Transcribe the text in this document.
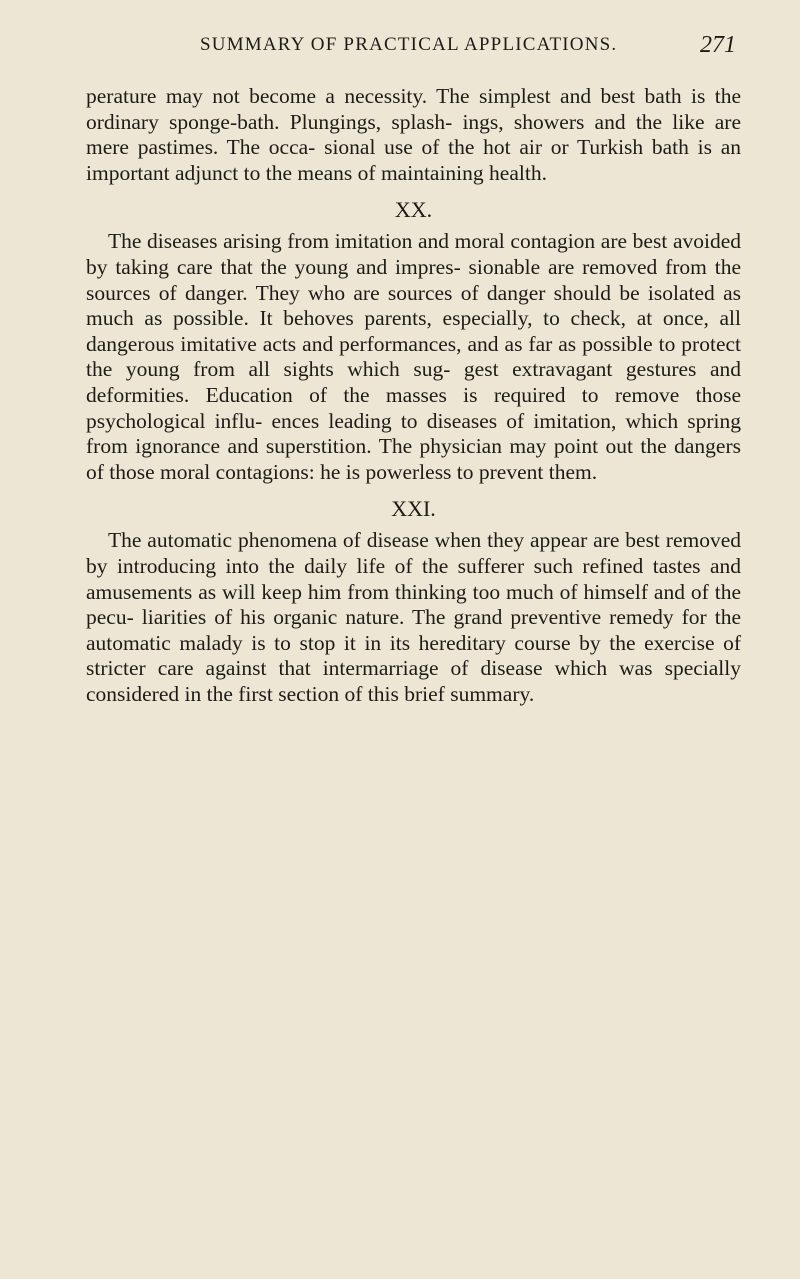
SUMMARY OF PRACTICAL APPLICATIONS.	271

perature may not become a necessity. The simplest and best bath is the ordinary sponge-bath. Plungings, splash- ings, showers and the like are mere pastimes. The occa- sional use of the hot air or Turkish bath is an important adjunct to the means of maintaining health.

XX.

The diseases arising from imitation and moral contagion are best avoided by taking care that the young and impres- sionable are removed from the sources of danger. They who are sources of danger should be isolated as much as possible. It behoves parents, especially, to check, at once, all dangerous imitative acts and performances, and as far as possible to protect the young from all sights which sug- gest extravagant gestures and deformities. Education of the masses is required to remove those psychological influ- ences leading to diseases of imitation, which spring from ignorance and superstition. The physician may point out the dangers of those moral contagions: he is powerless to prevent them.

XXI.

The automatic phenomena of disease when they appear are best removed by introducing into the daily life of the sufferer such refined tastes and amusements as will keep him from thinking too much of himself and of the pecu- liarities of his organic nature. The grand preventive remedy for the automatic malady is to stop it in its hereditary course by the exercise of stricter care against that intermarriage of disease which was specially considered in the first section of this brief summary.
